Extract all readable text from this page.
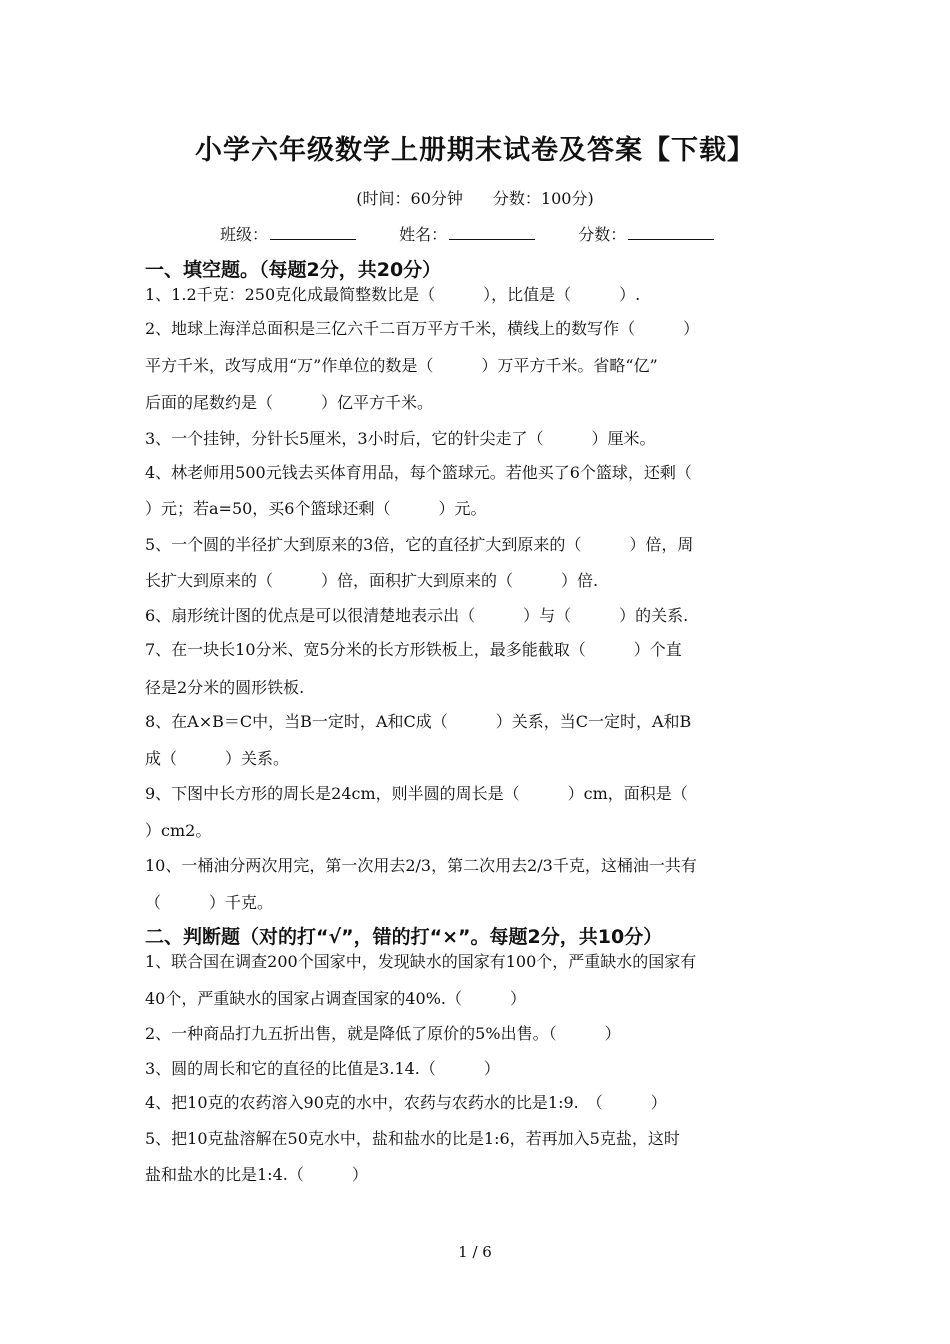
小学六年级数学上册期末试卷及答案【下载】
(时间：60分钟 分数：100分)
班级：	姓名：	分数：
一、填空题。（每题2分，共20分）
1、1.2千克：250克化成最简整数比是（　　　），比值是（　　　）.
2、地球上海洋总面积是三亿六千二百万平方千米，横线上的数写作（　　　）
平方千米，改写成用“万”作单位的数是（　　　）万平方千米。省略“亿”
后面的尾数约是（　　　）亿平方千米。
3、一个挂钟，分针长5厘米，3小时后，它的针尖走了（　　　）厘米。
4、林老师用500元钱去买体育用品，每个篮球元。若他买了6个篮球，还剩（
）元；若a=50，买6个篮球还剩（　　　）元。
5、一个圆的半径扩大到原来的3倍，它的直径扩大到原来的（　　　）倍，周
长扩大到原来的（　　　）倍，面积扩大到原来的（　　　）倍.
6、扇形统计图的优点是可以很清楚地表示出（　　　）与（　　　）的关系.
7、在一块长10分米、宽5分米的长方形铁板上，最多能截取（　　　）个直
径是2分米的圆形铁板.
8、在A×B＝C中，当B一定时，A和C成（　　　）关系，当C一定时，A和B
成（　　　）关系。
9、下图中长方形的周长是24cm，则半圆的周长是（　　　）cm，面积是（
）cm2。
10、一桶油分两次用完，第一次用去2/3，第二次用去2/3千克，这桶油一共有
（　　　）千克。
二、判断题（对的打“√”，错的打“×”。每题2分，共10分）
1、联合国在调查200个国家中，发现缺水的国家有100个，严重缺水的国家有
40个，严重缺水的国家占调查国家的40%.（　　　）
2、一种商品打九五折出售，就是降低了原价的5%出售。（　　　）
3、圆的周长和它的直径的比值是3.14.（　　　）
4、把10克的农药溶入90克的水中，农药与农药水的比是1:9.　（　　　）
5、把10克盐溶解在50克水中，盐和盐水的比是1:6，若再加入5克盐，这时
盐和盐水的比是1:4.（　　　）
1 / 6
